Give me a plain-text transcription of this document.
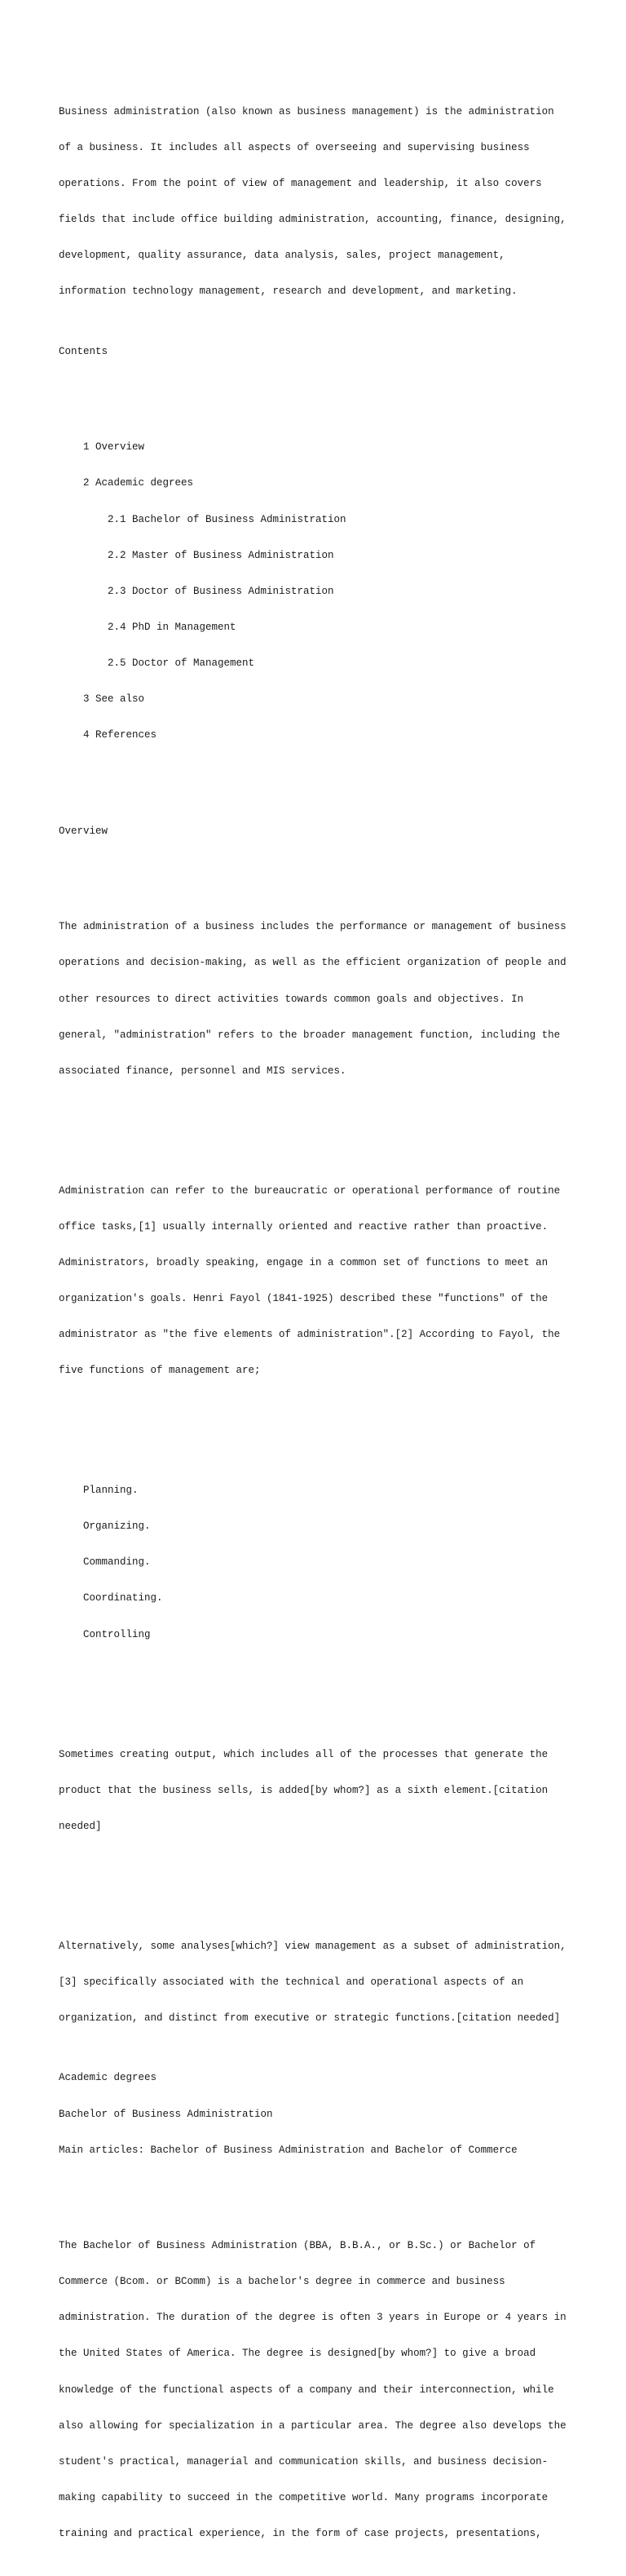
Business administration (also known as business management) is the administration

of a business. It includes all aspects of overseeing and supervising business

operations. From the point of view of management and leadership, it also covers

fields that include office building administration, accounting, finance, designing,

development, quality assurance, data analysis, sales, project management,

information technology management, research and development, and marketing.

Contents

1 Overview

2 Academic degrees

2.1 Bachelor of Business Administration

2.2 Master of Business Administration

2.3 Doctor of Business Administration

2.4 PhD in Management

2.5 Doctor of Management

3 See also

4 References

Overview

The administration of a business includes the performance or management of business

operations and decision-making, as well as the efficient organization of people and

other resources to direct activities towards common goals and objectives. In

general, "administration" refers to the broader management function, including the

associated finance, personnel and MIS services.

Administration can refer to the bureaucratic or operational performance of routine

office tasks,[1] usually internally oriented and reactive rather than proactive.

Administrators, broadly speaking, engage in a common set of functions to meet an

organization's goals. Henri Fayol (1841-1925) described these "functions" of the

administrator as "the five elements of administration".[2] According to Fayol, the

five functions of management are;

Planning.

Organizing.

Commanding.

Coordinating.

Controlling

Sometimes creating output, which includes all of the processes that generate the

product that the business sells, is added[by whom?] as a sixth element.[citation

needed]

Alternatively, some analyses[which?] view management as a subset of administration,

[3] specifically associated with the technical and operational aspects of an

organization, and distinct from executive or strategic functions.[citation needed]

Academic degrees

Bachelor of Business Administration

Main articles: Bachelor of Business Administration and Bachelor of Commerce

The Bachelor of Business Administration (BBA, B.B.A., or B.Sc.) or Bachelor of

Commerce (Bcom. or BComm) is a bachelor's degree in commerce and business

administration. The duration of the degree is often 3 years in Europe or 4 years in

the United States of America. The degree is designed[by whom?] to give a broad

knowledge of the functional aspects of a company and their interconnection, while

also allowing for specialization in a particular area. The degree also develops the

student's practical, managerial and communication skills, and business decision-

making capability to succeed in the competitive world. Many programs incorporate

training and practical experience, in the form of case projects, presentations,
